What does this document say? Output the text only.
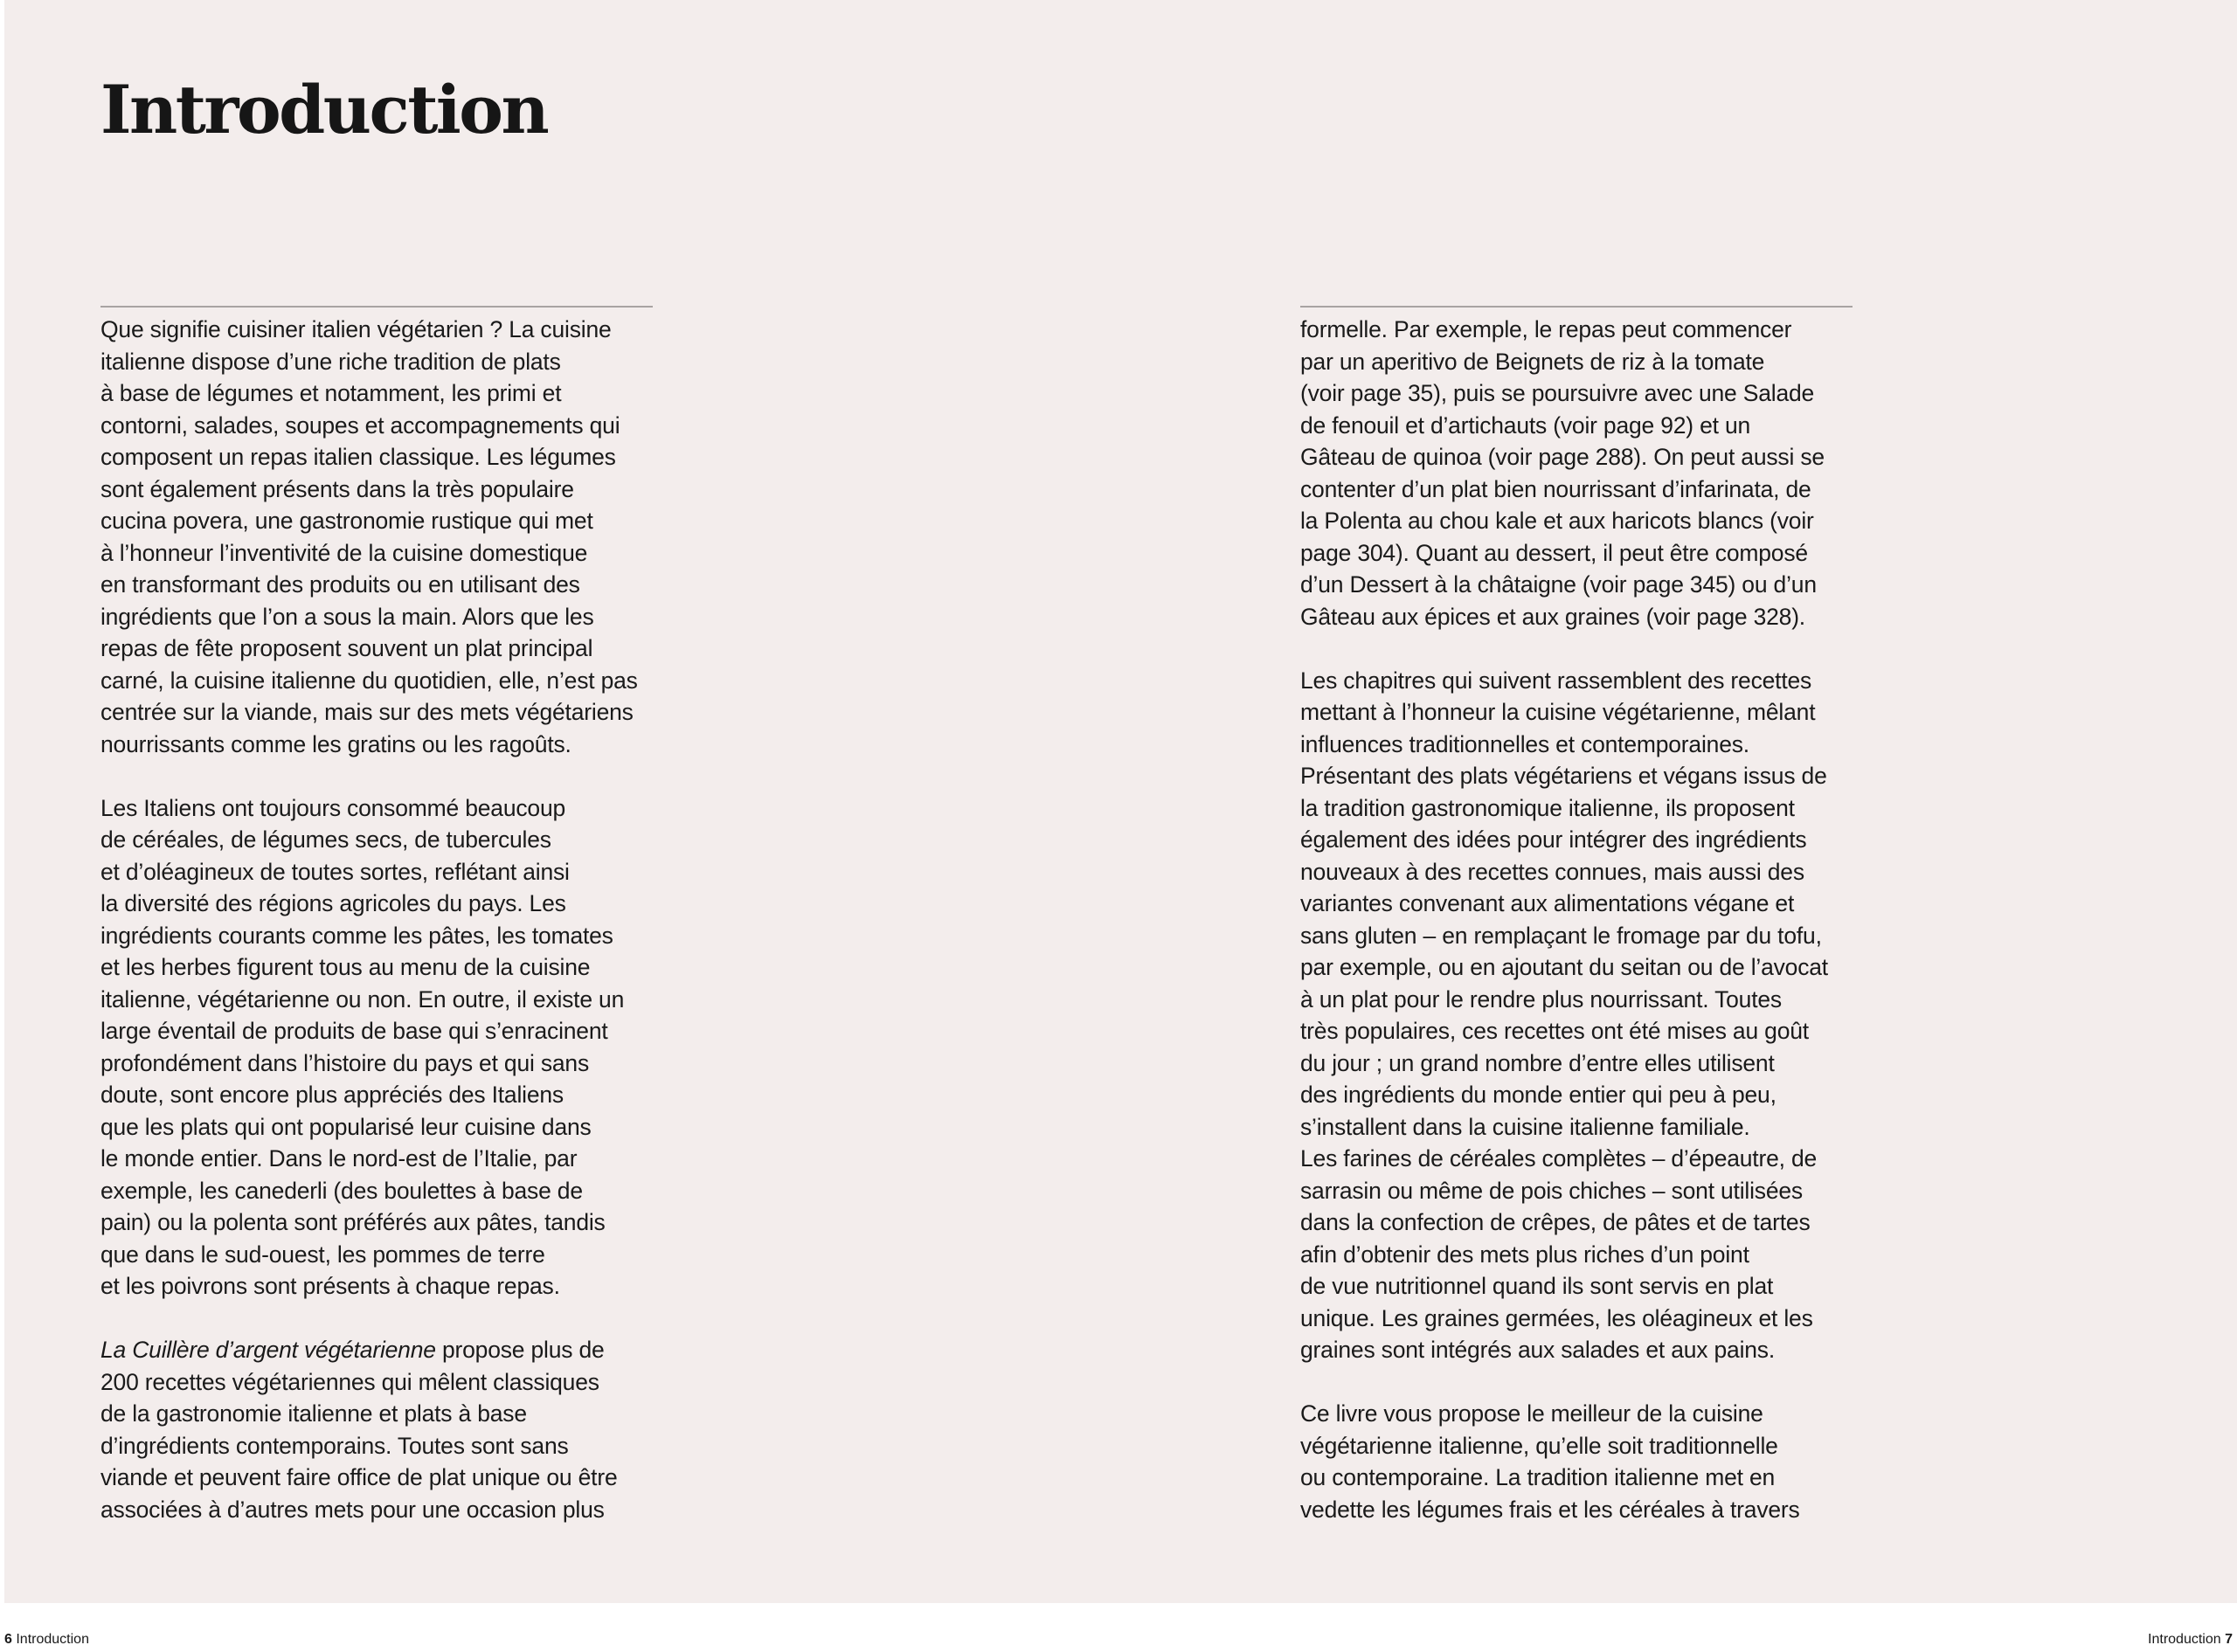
Introduction

Que signifie cuisiner italien végétarien ? La cuisine
italienne dispose d’une riche tradition de plats
à base de légumes et notamment, les primi et
contorni, salades, soupes et accompagnements qui
composent un repas italien classique. Les légumes
sont également présents dans la très populaire
cucina povera, une gastronomie rustique qui met
à l’honneur l’inventivité de la cuisine domestique
en transformant des produits ou en utilisant des
ingrédients que l’on a sous la main. Alors que les
repas de fête proposent souvent un plat principal
carné, la cuisine italienne du quotidien, elle, n’est pas
centrée sur la viande, mais sur des mets végétariens
nourrissants comme les gratins ou les ragoûts.

Les Italiens ont toujours consommé beaucoup
de céréales, de légumes secs, de tubercules
et d’oléagineux de toutes sortes, reflétant ainsi
la diversité des régions agricoles du pays. Les
ingrédients courants comme les pâtes, les tomates
et les herbes figurent tous au menu de la cuisine
italienne, végétarienne ou non. En outre, il existe un
large éventail de produits de base qui s’enracinent
profondément dans l’histoire du pays et qui sans
doute, sont encore plus appréciés des Italiens
que les plats qui ont popularisé leur cuisine dans
le monde entier. Dans le nord-est de l’Italie, par
exemple, les canederli (des boulettes à base de
pain) ou la polenta sont préférés aux pâtes, tandis
que dans le sud-ouest, les pommes de terre
et les poivrons sont présents à chaque repas.

La Cuillère d’argent végétarienne propose plus de
200 recettes végétariennes qui mêlent classiques
de la gastronomie italienne et plats à base
d’ingrédients contemporains. Toutes sont sans
viande et peuvent faire office de plat unique ou être
associées à d’autres mets pour une occasion plus

formelle. Par exemple, le repas peut commencer
par un aperitivo de Beignets de riz à la tomate
(voir page 35), puis se poursuivre avec une Salade
de fenouil et d’artichauts (voir page 92) et un
Gâteau de quinoa (voir page 288). On peut aussi se
contenter d’un plat bien nourrissant d’infarinata, de
la Polenta au chou kale et aux haricots blancs (voir
page 304). Quant au dessert, il peut être composé
d’un Dessert à la châtaigne (voir page 345) ou d’un
Gâteau aux épices et aux graines (voir page 328).

Les chapitres qui suivent rassemblent des recettes
mettant à l’honneur la cuisine végétarienne, mêlant
influences traditionnelles et contemporaines.
Présentant des plats végétariens et végans issus de
la tradition gastronomique italienne, ils proposent
également des idées pour intégrer des ingrédients
nouveaux à des recettes connues, mais aussi des
variantes convenant aux alimentations végane et
sans gluten – en remplaçant le fromage par du tofu,
par exemple, ou en ajoutant du seitan ou de l’avocat
à un plat pour le rendre plus nourrissant. Toutes
très populaires, ces recettes ont été mises au goût
du jour ; un grand nombre d’entre elles utilisent
des ingrédients du monde entier qui peu à peu,
s’installent dans la cuisine italienne familiale.
Les farines de céréales complètes – d’épeautre, de
sarrasin ou même de pois chiches – sont utilisées
dans la confection de crêpes, de pâtes et de tartes
afin d’obtenir des mets plus riches d’un point
de vue nutritionnel quand ils sont servis en plat
unique. Les graines germées, les oléagineux et les
graines sont intégrés aux salades et aux pains.

Ce livre vous propose le meilleur de la cuisine
végétarienne italienne, qu’elle soit traditionnelle
ou contemporaine. La tradition italienne met en
vedette les légumes frais et les céréales à travers

6 Introduction	Introduction 7
